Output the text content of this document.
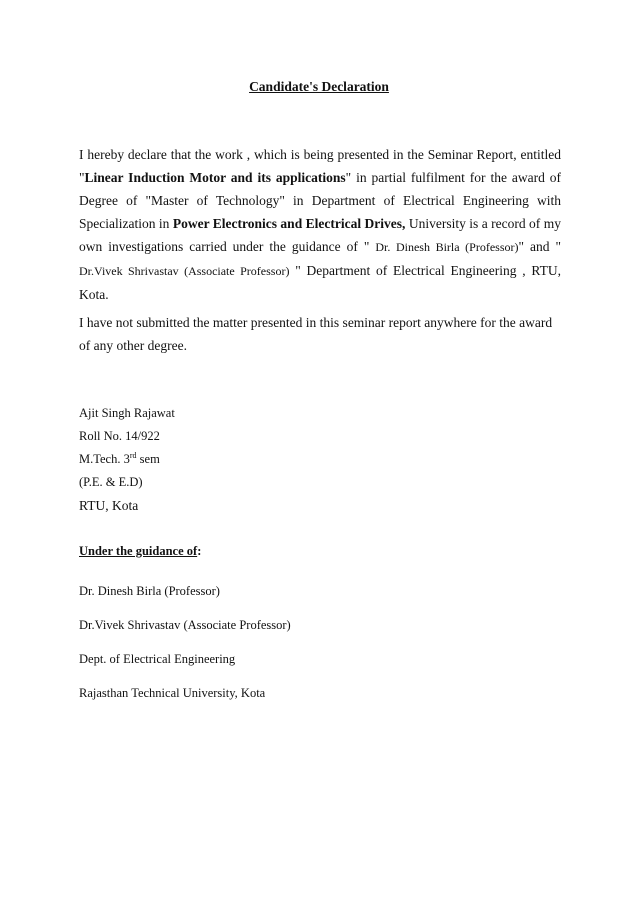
Candidate's Declaration

I hereby declare that the work , which is being presented in the Seminar Report, entitled "Linear Induction Motor and its applications" in partial fulfilment for the award of Degree of "Master of Technology" in Department of Electrical Engineering with Specialization in Power Electronics and Electrical Drives, University is a record of my own investigations carried under the guidance of " Dr. Dinesh Birla (Professor)" and " Dr.Vivek Shrivastav (Associate Professor) " Department of Electrical Engineering , RTU, Kota.

I have not submitted the matter presented in this seminar report anywhere for the award of any other degree.

Ajit Singh Rajawat
Roll No. 14/922
M.Tech. 3rd sem
(P.E. & E.D)
RTU, Kota

Under the guidance of:

Dr. Dinesh Birla (Professor)

Dr.Vivek Shrivastav (Associate Professor)

Dept. of Electrical Engineering

Rajasthan Technical University, Kota
